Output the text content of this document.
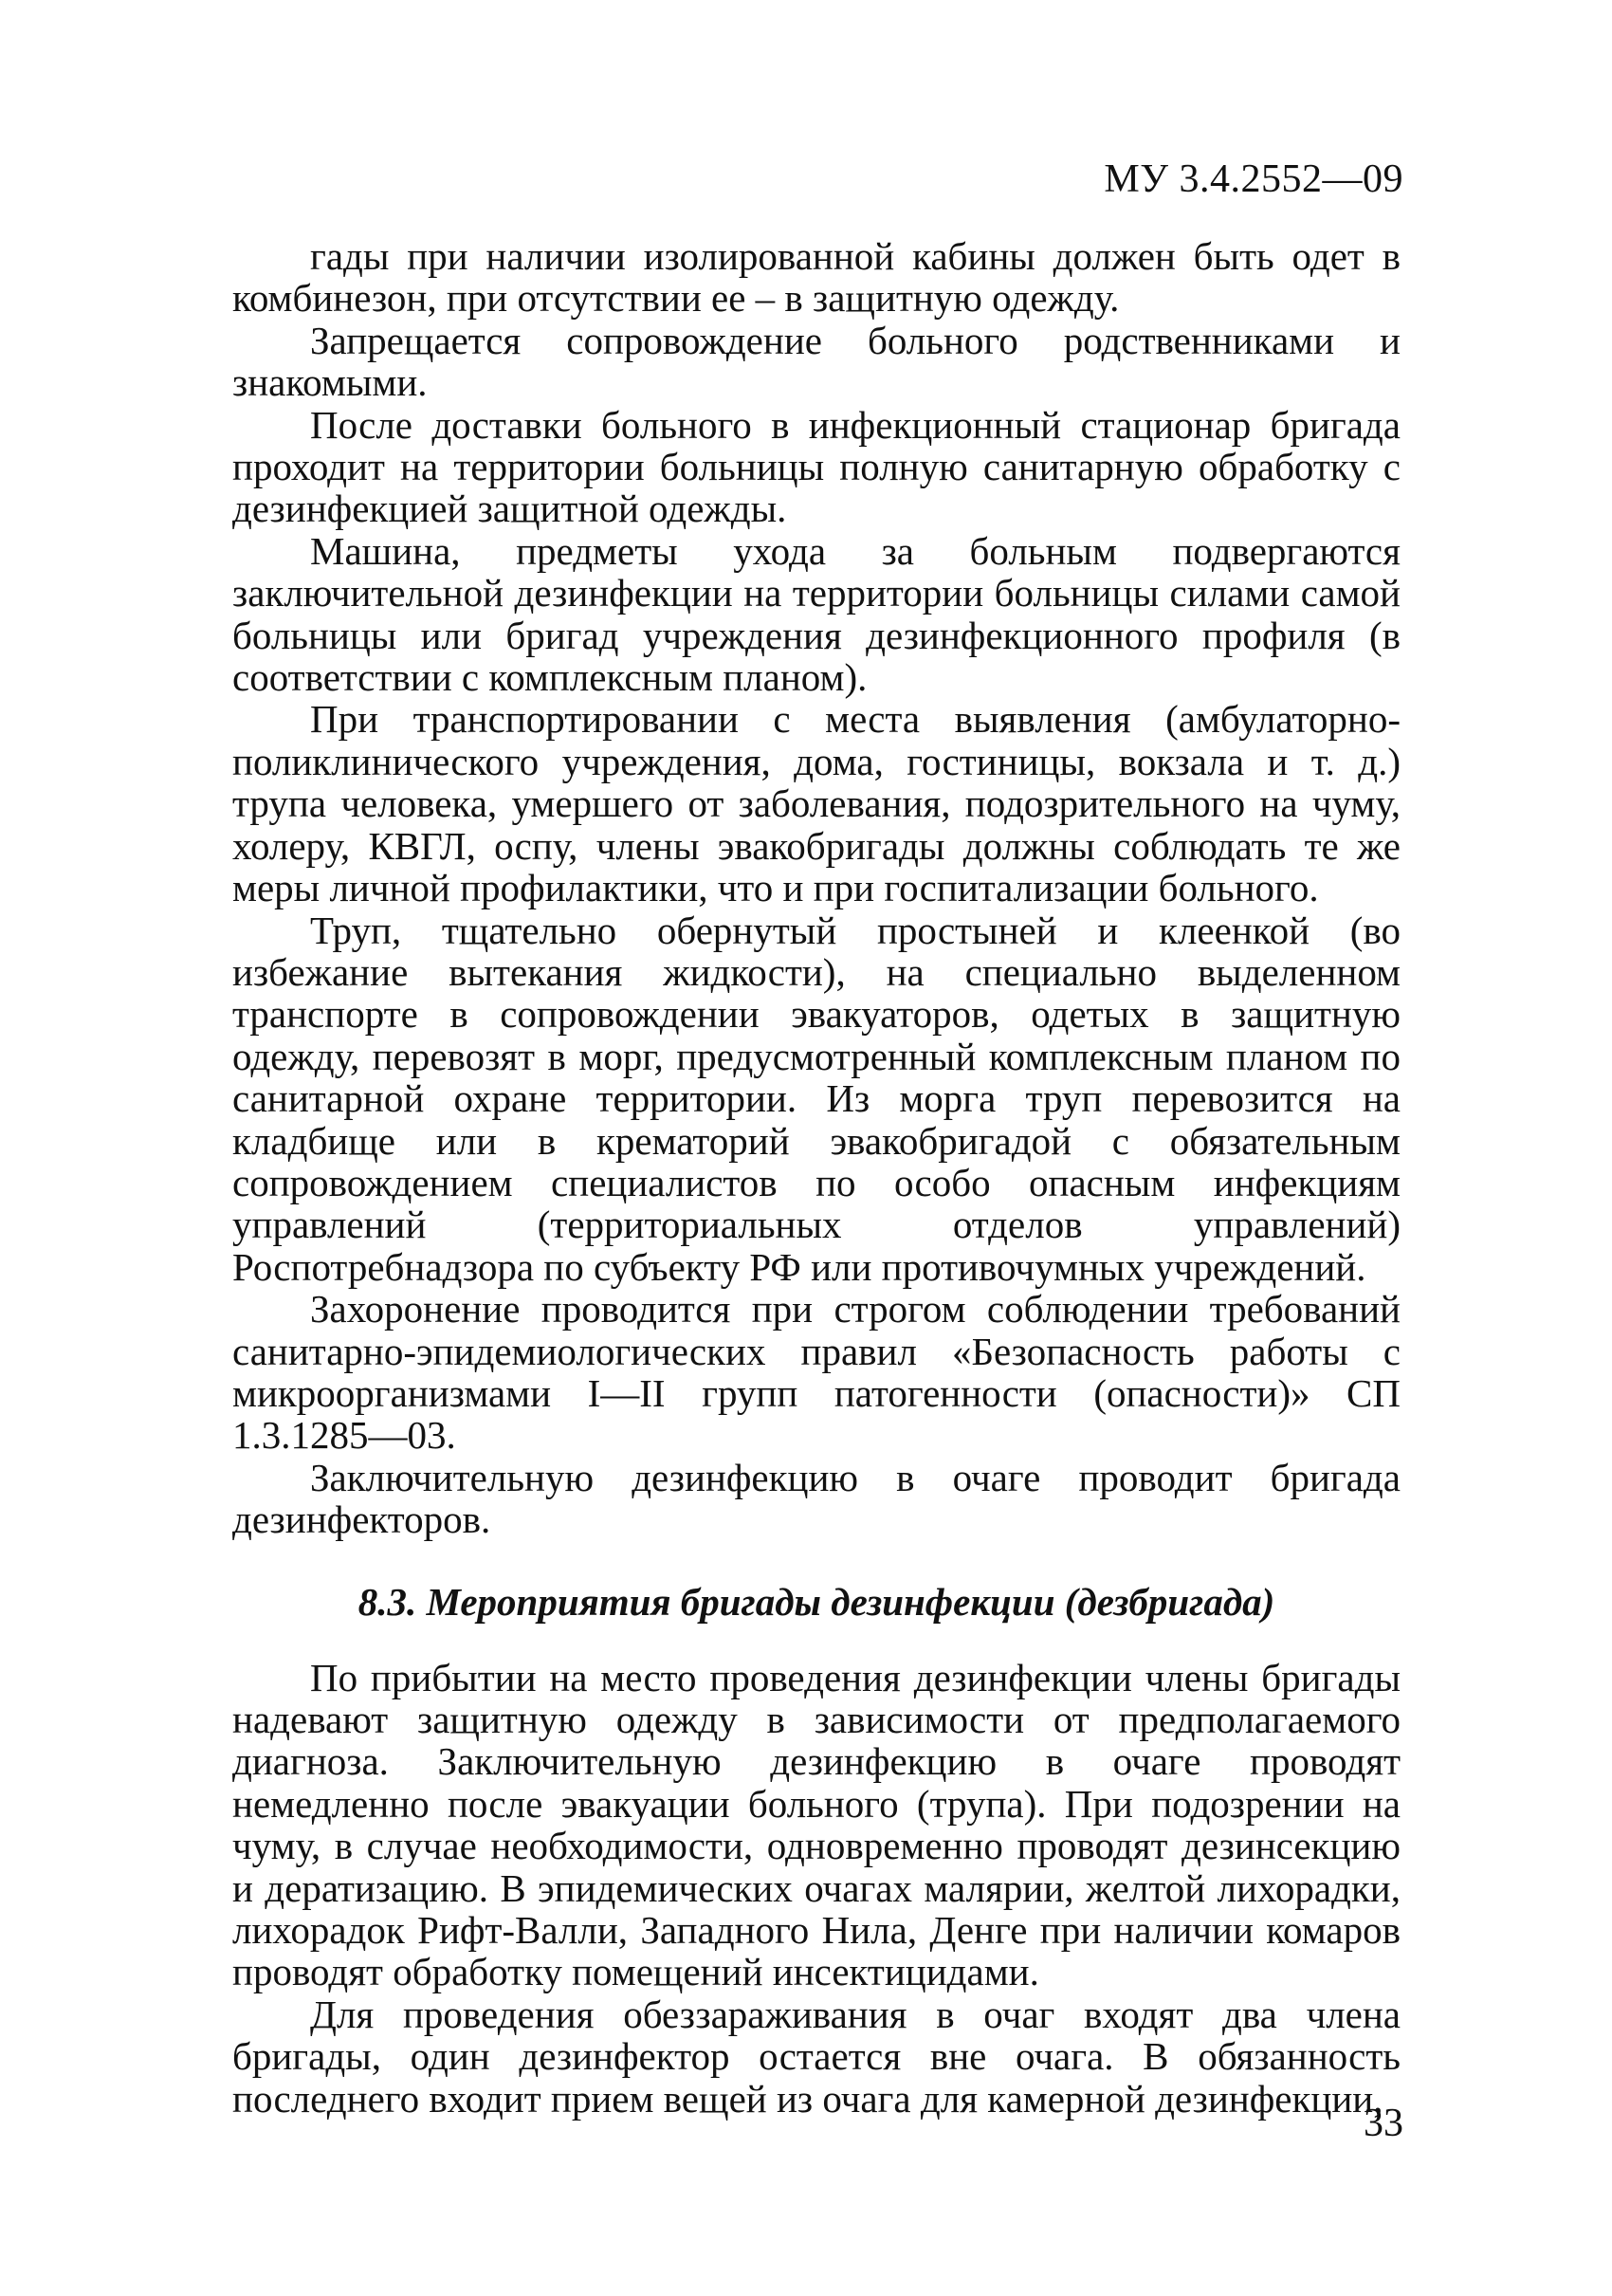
МУ 3.4.2552—09

гады при наличии изолированной кабины должен быть одет в комбинезон, при отсутствии ее – в защитную одежду.

Запрещается сопровождение больного родственниками и знакомыми.

После доставки больного в инфекционный стационар бригада проходит на территории больницы полную санитарную обработку с дезинфекцией защитной одежды.

Машина, предметы ухода за больным подвергаются заключительной дезинфекции на территории больницы силами самой больницы или бригад учреждения дезинфекционного профиля (в соответствии с комплексным планом).

При транспортировании с места выявления (амбулаторно-поликлинического учреждения, дома, гостиницы, вокзала и т. д.) трупа человека, умершего от заболевания, подозрительного на чуму, холеру, КВГЛ, оспу, члены эвакобригады должны соблюдать те же меры личной профилактики, что и при госпитализации больного.

Труп, тщательно обернутый простыней и клеенкой (во избежание вытекания жидкости), на специально выделенном транспорте в сопровождении эвакуаторов, одетых в защитную одежду, перевозят в морг, предусмотренный комплексным планом по санитарной охране территории. Из морга труп перевозится на кладбище или в крематорий эвакобригадой с обязательным сопровождением специалистов по особо опасным инфекциям управлений (территориальных отделов управлений) Роспотребнадзора по субъекту РФ или противочумных учреждений.

Захоронение проводится при строгом соблюдении требований санитарно-эпидемиологических правил «Безопасность работы с микроорганизмами I—II групп патогенности (опасности)» СП 1.3.1285—03.

Заключительную дезинфекцию в очаге проводит бригада дезинфекторов.

8.3. Мероприятия бригады дезинфекции (дезбригада)

По прибытии на место проведения дезинфекции члены бригады надевают защитную одежду в зависимости от предполагаемого диагноза. Заключительную дезинфекцию в очаге проводят немедленно после эвакуации больного (трупа). При подозрении на чуму, в случае необходимости, одновременно проводят дезинсекцию и дератизацию. В эпидемических очагах малярии, желтой лихорадки, лихорадок Рифт-Валли, Западного Нила, Денге при наличии комаров проводят обработку помещений инсектицидами.

Для проведения обеззараживания в очаг входят два члена бригады, один дезинфектор остается вне очага. В обязанность последнего входит прием вещей из очага для камерной дезинфекции,

33
